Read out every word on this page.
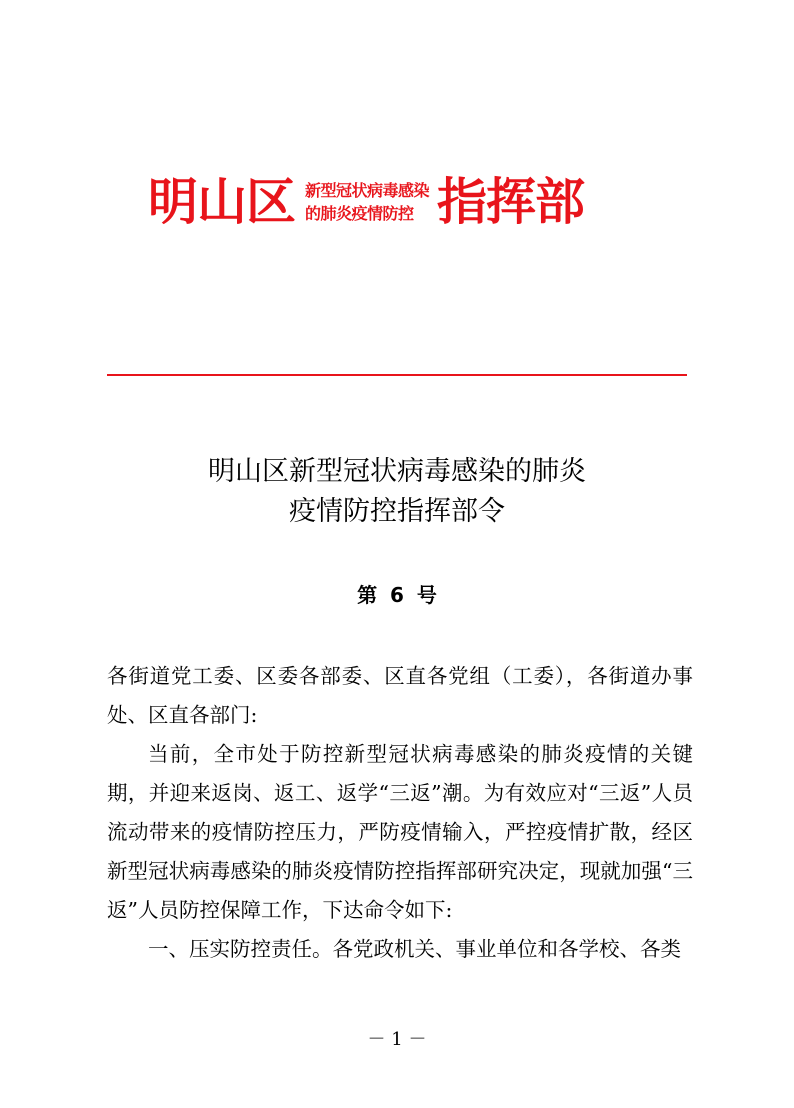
明山区 新型冠状病毒感染
的肺炎疫情防控 指挥部
明山区新型冠状病毒感染的肺炎
疫情防控指挥部令
第 6 号

各街道党工委、区委各部委、区直各党组（工委），各街道办事处、区直各部门:

当前，全市处于防控新型冠状病毒感染的肺炎疫情的关键期，并迎来返岗、返工、返学“三返”潮。为有效应对“三返”人员流动带来的疫情防控压力，严防疫情输入，严控疫情扩散，经区新型冠状病毒感染的肺炎疫情防控指挥部研究决定，现就加强“三返”人员防控保障工作，下达命令如下:

一、压实防控责任。各党政机关、事业单位和各学校、各类

－ 1 －
